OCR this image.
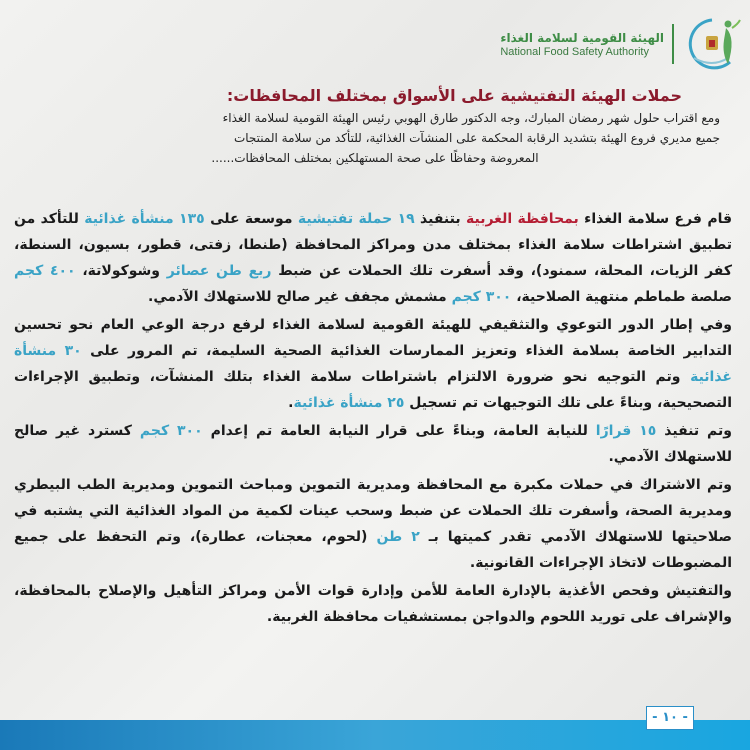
الهيئة القومية لسلامة الغذاء
National Food Safety Authority
حملات الهيئة التفتيشية على الأسواق بمختلف المحافظات:

ومع اقتراب حلول شهر رمضان المبارك، وجه الدكتور طارق الهوبي رئيس الهيئة القومية لسلامة الغذاء

جميع مديري فروع الهيئة بتشديد الرقابة المحكمة على المنشآت الغذائية، للتأكد من سلامة المنتجات

المعروضة وحفاظًا على صحة المستهلكين بمختلف المحافظات......

قام فرع سلامة الغذاء بمحافظة الغربية بتنفيذ ١٩ حملة تفتيشية موسعة على ١٣٥ منشأة غذائية للتأكد من تطبيق اشتراطات سلامة الغذاء بمختلف مدن ومراكز المحافظة (طنطا، زفتى، قطور، بسيون، السنطة، كفر الزيات، المحلة، سمنود)، وقد أسفرت تلك الحملات عن ضبط ربع طن عصائر وشوكولاتة، ٤٠٠ كجم صلصة طماطم منتهية الصلاحية، ٣٠٠ كجم مشمش مجفف غير صالح للاستهلاك الآدمي.

وفي إطار الدور التوعوي والتثقيفي للهيئة القومية لسلامة الغذاء لرفع درجة الوعي العام نحو تحسين التدابير الخاصة بسلامة الغذاء وتعزيز الممارسات الغذائية الصحية السليمة، تم المرور على ٣٠ منشأة غذائية وتم التوجيه نحو ضرورة الالتزام باشتراطات سلامة الغذاء بتلك المنشآت، وتطبيق الإجراءات التصحيحية، وبناءً على تلك التوجيهات تم تسجيل ٢٥ منشأة غذائية.

وتم تنفيذ ١٥ قرارًا للنيابة العامة، وبناءً على قرار النيابة العامة تم إعدام ٣٠٠ كجم كسترد غير صالح للاستهلاك الآدمي.

وتم الاشتراك في حملات مكبرة مع المحافظة ومديرية التموين ومباحث التموين ومديرية الطب البيطري ومديرية الصحة، وأسفرت تلك الحملات عن ضبط وسحب عينات لكمية من المواد الغذائية التي يشتبه في صلاحيتها للاستهلاك الآدمي تقدر كميتها بـ ٢ طن (لحوم، معجنات، عطارة)، وتم التحفظ على جميع المضبوطات لاتخاذ الإجراءات القانونية.

والتفتيش وفحص الأغذية بالإدارة العامة للأمن وإدارة قوات الأمن ومراكز التأهيل والإصلاح بالمحافظة، والإشراف على توريد اللحوم والدواجن بمستشفيات محافظة الغربية.

- ١٠ -
